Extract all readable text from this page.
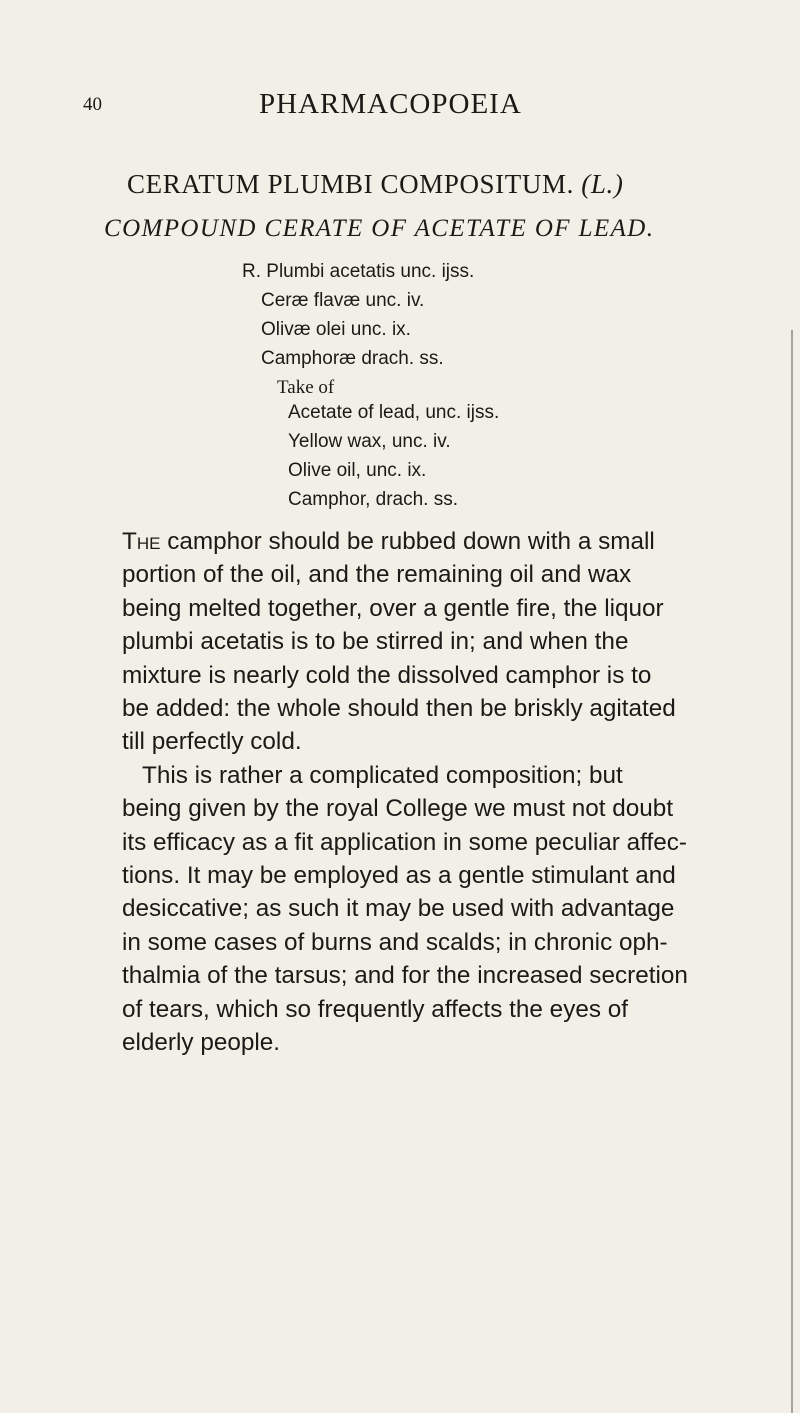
40	PHARMACOPOEIA
CERATUM PLUMBI COMPOSITUM. (L.)
COMPOUND CERATE OF ACETATE OF LEAD.
R. Plumbi acetatis unc. ijss.
Ceræ flavæ unc. iv.
Olivæ olei unc. ix.
Camphoræ drach. ss.
Take of
Acetate of lead, unc. ijss.
Yellow wax, unc. iv.
Olive oil, unc. ix.
Camphor, drach. ss.

The camphor should be rubbed down with a small
portion of the oil, and the remaining oil and wax
being melted together, over a gentle fire, the liquor
plumbi acetatis is to be stirred in; and when the
mixture is nearly cold the dissolved camphor is to
be added: the whole should then be briskly agitated
till perfectly cold.

This is rather a complicated composition; but
being given by the royal College we must not doubt
its efficacy as a fit application in some peculiar affec-
tions. It may be employed as a gentle stimulant and
desiccative; as such it may be used with advantage
in some cases of burns and scalds; in chronic oph-
thalmia of the tarsus; and for the increased secretion
of tears, which so frequently affects the eyes of
elderly people.
